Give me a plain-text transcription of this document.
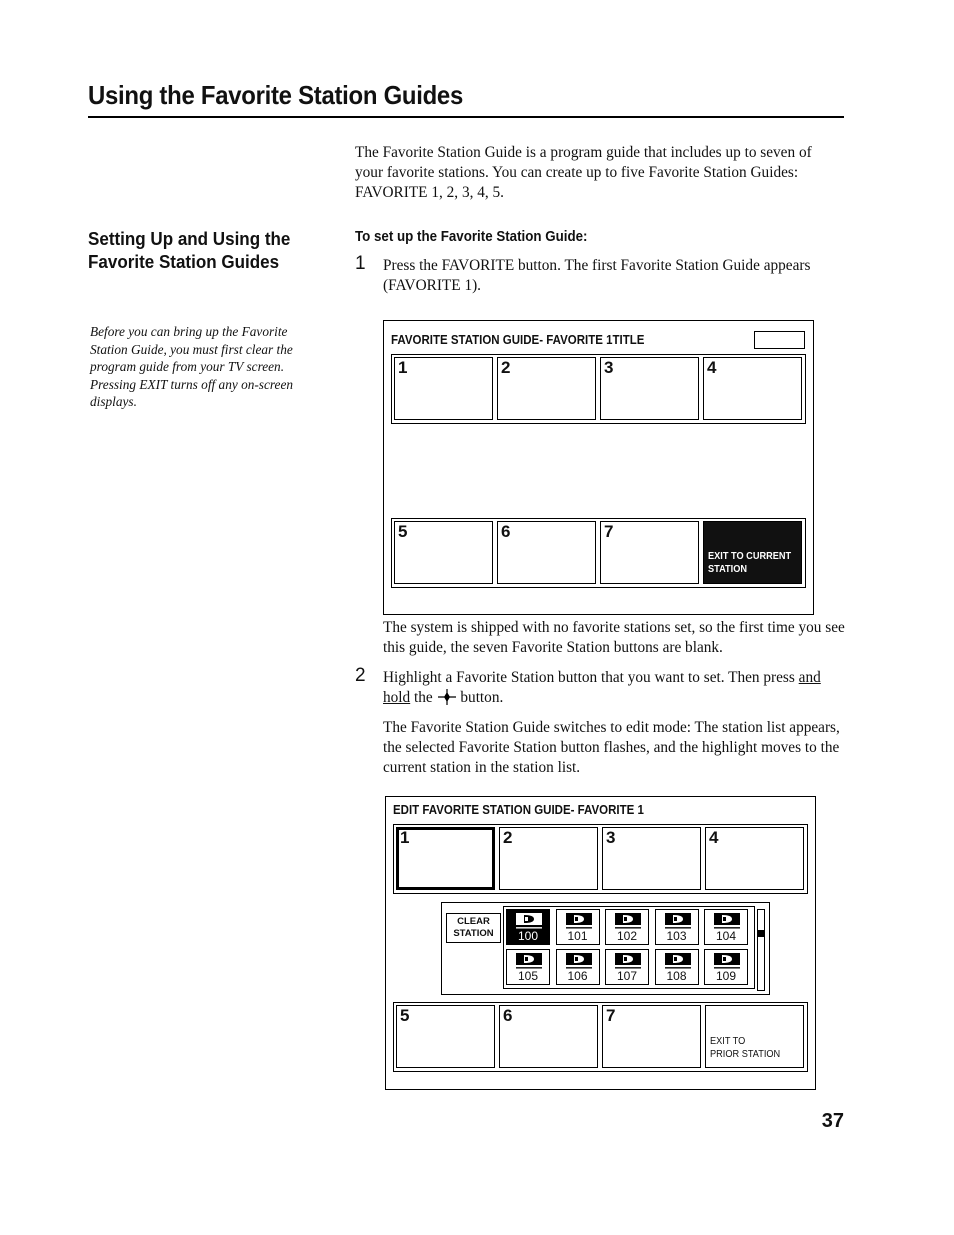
Using the Favorite Station Guides
The Favorite Station Guide is a program guide that includes up to seven of your favorite stations. You can create up to five Favorite Station Guides: FAVORITE 1, 2, 3, 4, 5.
Setting Up and Using the Favorite Station Guides
Before you can bring up the Favorite Station Guide, you must first clear the program guide from your TV screen. Pressing EXIT turns off any on-screen displays.
To set up the Favorite Station Guide:
1 Press the FAVORITE button. The first Favorite Station Guide appears (FAVORITE 1).
FAVORITE STATION GUIDE- FAVORITE 1TITLE
1	2	3	4
5	6	7
EXIT TO CURRENT
STATION
The system is shipped with no favorite stations set, so the first time you see this guide, the seven Favorite Station buttons are blank.
2 Highlight a Favorite Station button that you want to set. Then press and hold the button.
The Favorite Station Guide switches to edit mode: The station list appears, the selected Favorite Station button flashes, and the highlight moves to the current station in the station list.
EDIT FAVORITE STATION GUIDE- FAVORITE 1
1	2	3	4
CLEAR
STATION	100	101	102	103	104
105	106	107	108	109
5	6	7
EXIT TO
PRIOR STATION
37
